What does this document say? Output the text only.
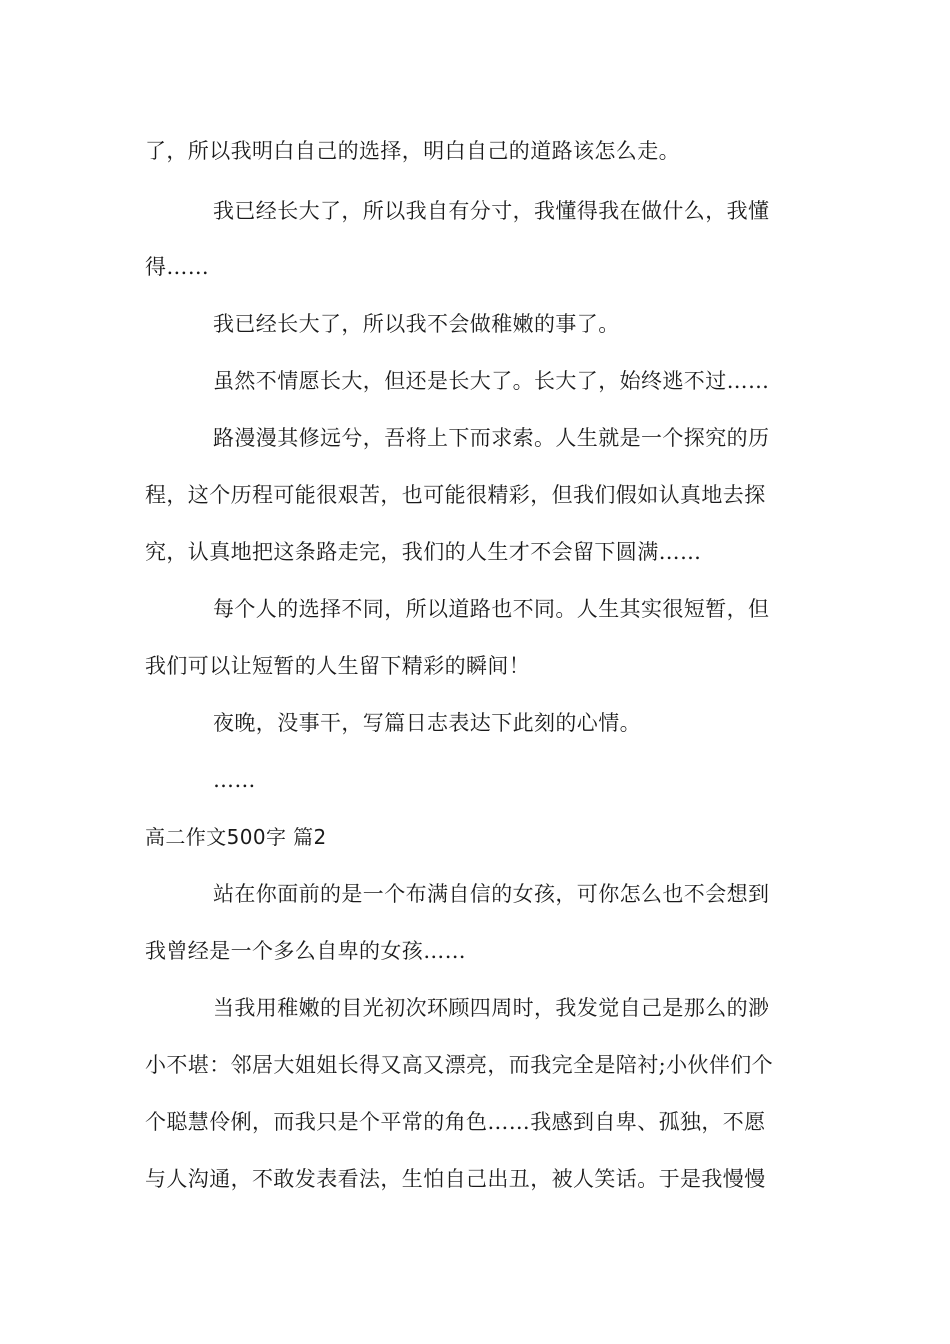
了，所以我明白自己的选择，明白自己的道路该怎么走。
我已经长大了，所以我自有分寸，我懂得我在做什么，我懂
得……
我已经长大了，所以我不会做稚嫩的事了。
虽然不情愿长大，但还是长大了。长大了，始终逃不过……
路漫漫其修远兮，吾将上下而求索。人生就是一个探究的历
程，这个历程可能很艰苦，也可能很精彩，但我们假如认真地去探
究，认真地把这条路走完，我们的人生才不会留下圆满……
每个人的选择不同，所以道路也不同。人生其实很短暂，但
我们可以让短暂的人生留下精彩的瞬间！
夜晚，没事干，写篇日志表达下此刻的心情。
……
高二作文500字 篇2
站在你面前的是一个布满自信的女孩，可你怎么也不会想到
我曾经是一个多么自卑的女孩……
当我用稚嫩的目光初次环顾四周时，我发觉自己是那么的渺
小不堪：邻居大姐姐长得又高又漂亮，而我完全是陪衬;小伙伴们个
个聪慧伶俐，而我只是个平常的角色……我感到自卑、孤独，不愿
与人沟通，不敢发表看法，生怕自己出丑，被人笑话。于是我慢慢
